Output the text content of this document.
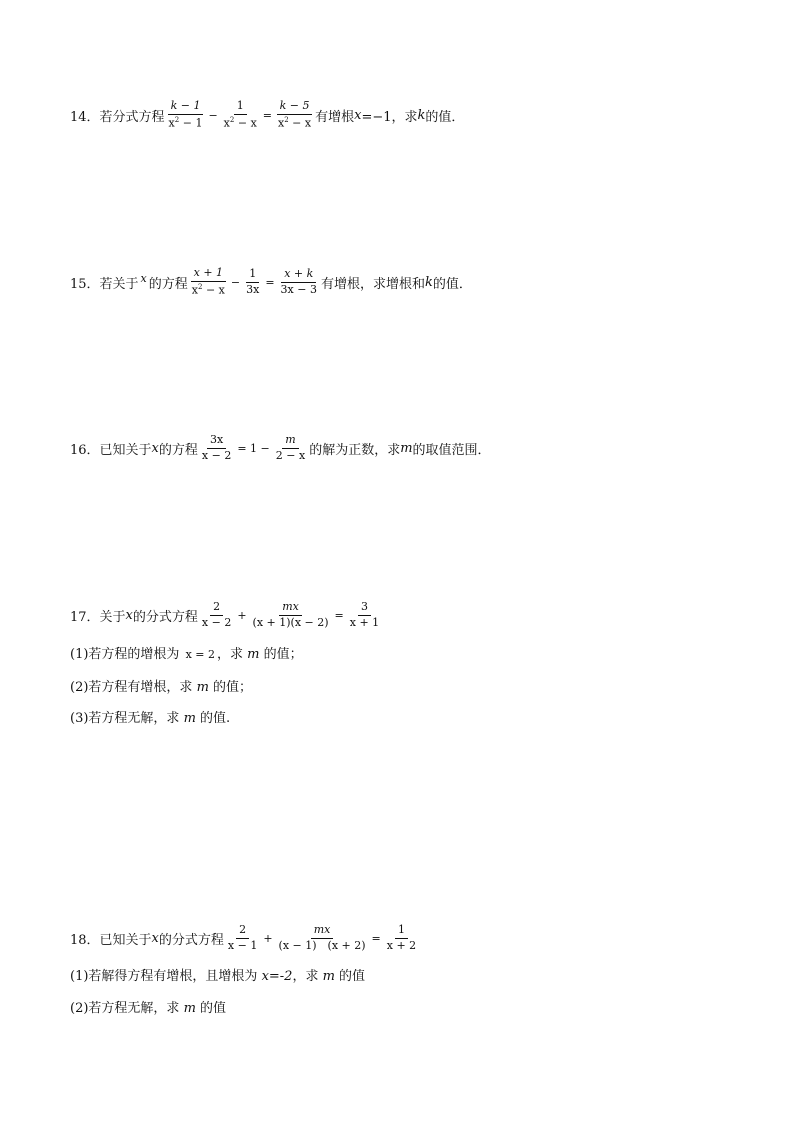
14．若分式方程 $\frac{k - 1}{x^2 - 1} - \frac{1}{x^2 - x} = \frac{k - 5}{x^2 - x}$ 有增根 x =−1，求 k 的值．
15．若关于 x 的方程 $\frac{x + 1}{x^2 - x} - \frac{1}{3x} = \frac{x + k}{3x - 3}$ 有增根，求增根和 k 的值．
16．已知关于 x 的方程 $\frac{3x}{x - 2} = 1 - \frac{m}{2 - x}$ 的解为正数，求 m 的取值范围．
17．关于 x 的分式方程 $\frac{2}{x - 2} + \frac{mx}{(x + 1)(x - 2)} = \frac{3}{x + 1}$
(1)若方程的增根为 x = 2 ，求 m 的值；
(2)若方程有增根，求 m 的值；
(3)若方程无解，求 m 的值.
18．已知关于 x 的分式方程 $\frac{2}{x - 1} + \frac{mx}{(x - 1) (x + 2)} = \frac{1}{x + 2}$
(1)若解得方程有增根，且增根为 x=-2，求 m 的值
(2)若方程无解，求 m 的值
